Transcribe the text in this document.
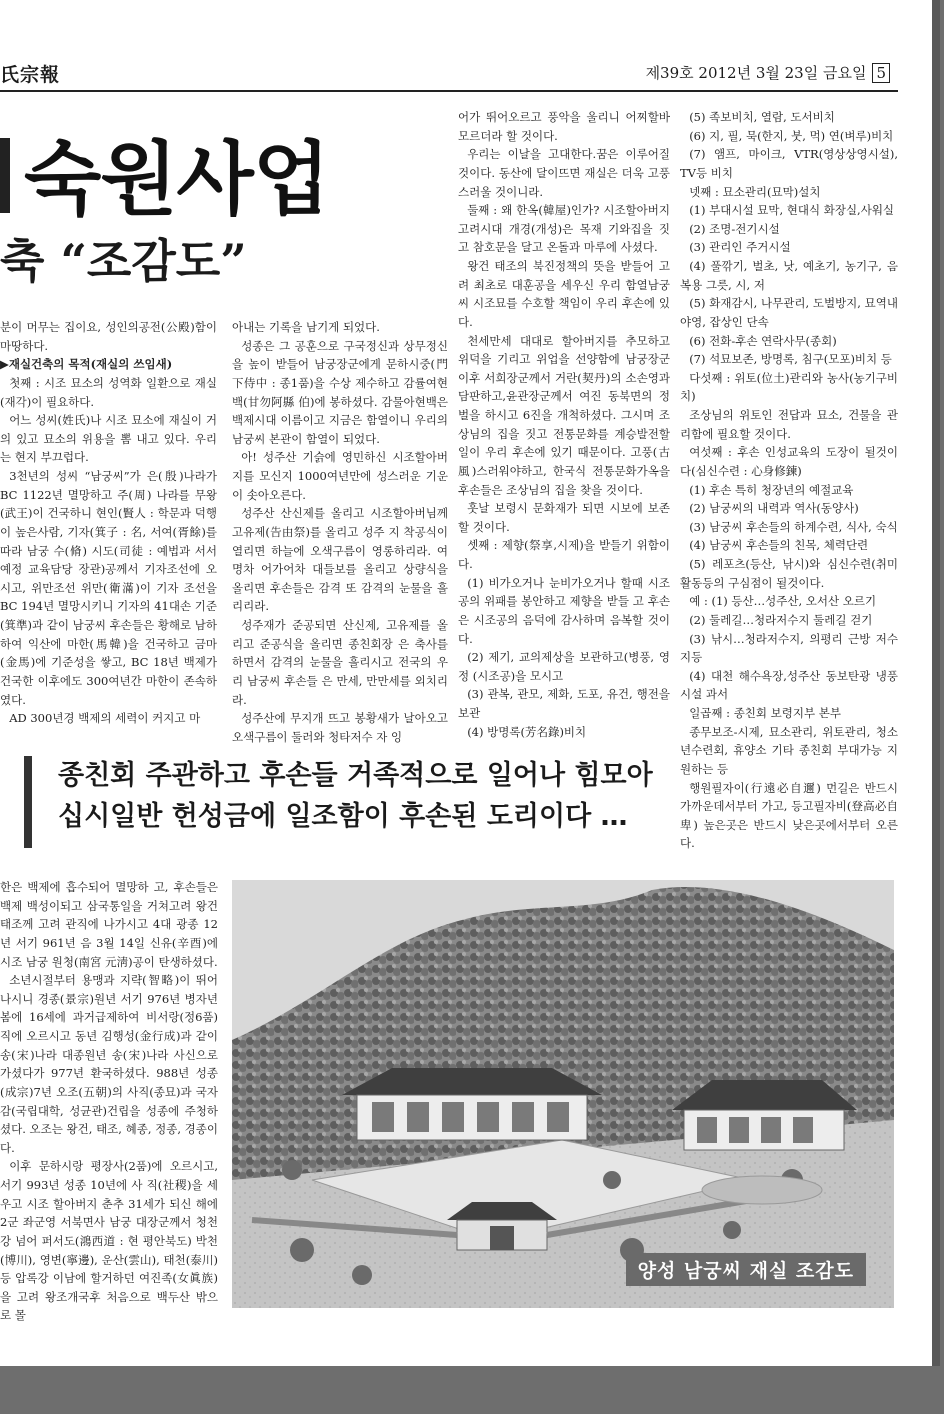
氏宗報	제39호 2012년 3월 23일 금요일 5
숙원사업
축 “조감도”

분이 머무는 집이요, 성인의공전(公殿)함이 마땅하다.

▶재실건축의 목적(재실의 쓰임새)

첫째 : 시조 묘소의 성역화 일환으로 재실(재각)이 필요하다.

어느 성씨(姓氏)나 시조 묘소에 재실이 거의 있고 묘소의 위용을 뽐 내고 있다. 우리는 현지 부끄럽다.

3천년의 성씨 “남궁씨”가 은(殷)나라가 BC 1122년 멸망하고 주(周) 나라를 무왕(武王)이 건국하니 현인(賢人 : 학문과 덕행이 높은사람, 기자(箕子 : 名, 서여(胥餘)를 따라 남궁 수(脩) 시도(司徒 : 예법과 서서 예정 교육담당 장관)공께서 기자조선에 오시고, 위만조선 위만(衛滿)이 기자 조선을 BC 194년 멸망시키니 기자의 41대손 기준(箕準)과 같이 남궁씨 후손들은 황해로 남하하여 익산에 마한(馬韓)을 건국하고 금마(金馬)에 기준성을 쌓고, BC 18년 백제가 건국한 이후에도 300여년간 마한이 존속하였다.

AD 300년경 백제의 세력이 커지고 마

아내는 기록을 남기게 되었다.

성종은 그 공훈으로 구국정신과 상무정신을 높이 받들어 남궁장군에게 문하시중(門下侍中 : 종1품)을 수상 제수하고 감률여현백(甘勿阿縣 伯)에 봉하셨다. 감물아현백은 백제시대 이름이고 지금은 함열이니 우리의 남궁씨 본관이 함열이 되었다.

아! 성주산 기슭에 영민하신 시조할아버지를 모신지 1000여년만에 성스러운 기운이 솟아오른다.

성주산 산신제를 올리고 시조할아버님께 고유제(告由祭)를 올리고 성주 지 착공식이 열리면 하늘에 오색구름이 영롱하리라. 여명차 어가어차 대들보를 올리고 상량식을 올리면 후손들은 감격 또 감격의 눈물을 흘리리라.

성주재가 준공되면 산신제, 고유제를 올리고 준공식을 올리면 종친회장 은 축사를 하면서 감격의 눈물을 흘리시고 전국의 우리 남궁씨 후손들 은 만세, 만만세를 외치리라.

성주산에 무지개 뜨고 봉황새가 날아오고 오색구름이 둘러와 청타저수 자 잉

어가 뛰어오르고 풍악을 울리니 어찌할바 모르더라 할 것이다.

우리는 이날을 고대한다.꿈은 이루어질 것이다. 동산에 달이뜨면 재실은 더욱 고풍스러울 것이니라.

둘째 : 왜 한옥(韓屋)인가? 시조할아버지 고려시대 개경(개성)은 목재 기와집을 짓고 참호문을 달고 온돌과 마루에 사셨다.

왕건 태조의 북진정책의 뜻을 받들어 고려 최초로 대훈공을 세우신 우리 함열남궁씨 시조묘를 수호할 책임이 우리 후손에 있다.

천세만세 대대로 할아버지를 추모하고 위덕을 기리고 위업을 선양함에 남궁장군 이후 서희장군께서 거란(契丹)의 소손영과 담판하고,윤관장군께서 여진 동북면의 정벌을 하시고 6진을 개척하셨다. 그시며 조상님의 집을 짓고 전통문화를 계승발전할 일이 우리 후손에 있기 때문이다. 고풍(古風)스러워야하고, 한국식 전통문화가옥을 후손들은 조상님의 집을 찾을 것이다.

훗날 보령시 문화재가 되면 시보에 보존할 것이다.

셋째 : 제향(祭享,시제)을 받들기 위함이다.

(1) 비가오거나 눈비가오거나 할때 시조공의 위패를 봉안하고 제향을 받들 고 후손은 시조공의 음덕에 감사하며 음복할 것이다.

(2) 제기, 교의제상을 보관하고(병풍, 영정 (시조공)을 모시고

(3) 관복, 관모, 제화, 도포, 유건, 행전을 보관

(4) 방명록(芳名錄)비치

(5) 족보비치, 열람, 도서비치

(6) 지, 필, 묵(한지, 붓, 먹) 연(벼루)비치

(7) 앰프, 마이크, VTR(영상상영시설), TV등 비치

넷째 : 묘소관리(묘막)설치

(1) 부대시설 묘막, 현대식 화장실,사워실

(2) 조명-전기시설

(3) 관리인 주거시설

(4) 풀깎기, 벌초, 낫, 예초기, 농기구, 음복용 그릇, 시, 저

(5) 화재감시, 나무관리, 도벌방지, 묘역내 야영, 잡상인 단속

(6) 전화-후손 연락사무(종회)

(7) 석묘보존, 방명록, 침구(모포)비치 등

다섯째 : 위토(位土)관리와 농사(농기구비치)

조상님의 위토인 전답과 묘소, 건물을 관리함에 필요할 것이다.

여섯째 : 후손 인성교육의 도장이 될것이다(심신수련 : 心身修鍊)

(1) 후손 특히 청장년의 예절교육

(2) 남궁씨의 내력과 역사(동양사)

(3) 남궁씨 후손들의 하계수련, 식사, 숙식

(4) 남궁씨 후손들의 친목, 체력단련

(5) 레포츠(등산, 낚시)와 심신수련(취미활동등의 구심점이 될것이다.

예 : (1) 등산…성주산, 오서산 오르기

(2) 둘레길…청라저수지 둘레길 걷기

(3) 낚시…청라저수지, 의평리 근방 저수지등

(4) 대천 해수욕장,성주산 동보탄광 냉풍시설 과서

일곱째 : 종친회 보령지부 본부

종무보조-시제, 묘소관리, 위토관리, 청소년수련회, 휴양소 기타 종친회 부대가능 지원하는 등

행원필자이(行遠必自邇) 먼길은 반드시 가까운데서부터 가고, 등고필자비(登高必自卑) 높은곳은 반드시 낮은곳에서부터 오른다.

한은 백제에 흡수되어 멸망하 고, 후손들은 백제 백성이되고 삼국통일을 거쳐고려 왕건 태조께 고려 관직에 나가시고 4대 광종 12년 서기 961년 음 3월 14일 신유(辛酉)에 시조 남궁 원청(南宮 元淸)공이 탄생하셨다.

소년시절부터 용맹과 지략(智略)이 뛰어나시니 경종(景宗)원년 서기 976년 병자년 봄에 16세에 과거급제하여 비서랑(정6품)직에 오르시고 동년 김행성(金行成)과 같이 송(宋)나라 대종원년 송(宋)나라 사신으로 가셨다가 977년 환국하셨다. 988년 성종(成宗)7년 오조(五朝)의 사직(종묘)과 국자감(국립대학, 성균관)건립을 성종에 주청하셨다. 오조는 왕건, 태조, 혜종, 정종, 경종이다.

이후 문하시랑 평장사(2품)에 오르시고, 서기 993년 성종 10년에 사 직(社稷)을 세우고 시조 할아버지 춘추 31세가 되신 해에 2군 좌군영 서북면사 남궁 대장군께서 청천강 넘어 퍼서도(鴻西道 : 현 평안북도) 박천(博川), 영변(寧邊), 운산(雲山), 태천(泰川)등 압록강 이남에 할거하던 여진족(女眞族)을 고려 왕조개국후 처음으로 백두산 밖으로 몰

종친회 주관하고 후손들 거족적으로 일어나 힘모아
십시일반 헌성금에 일조함이 후손된 도리이다 …
양성 남궁씨 재실 조감도
